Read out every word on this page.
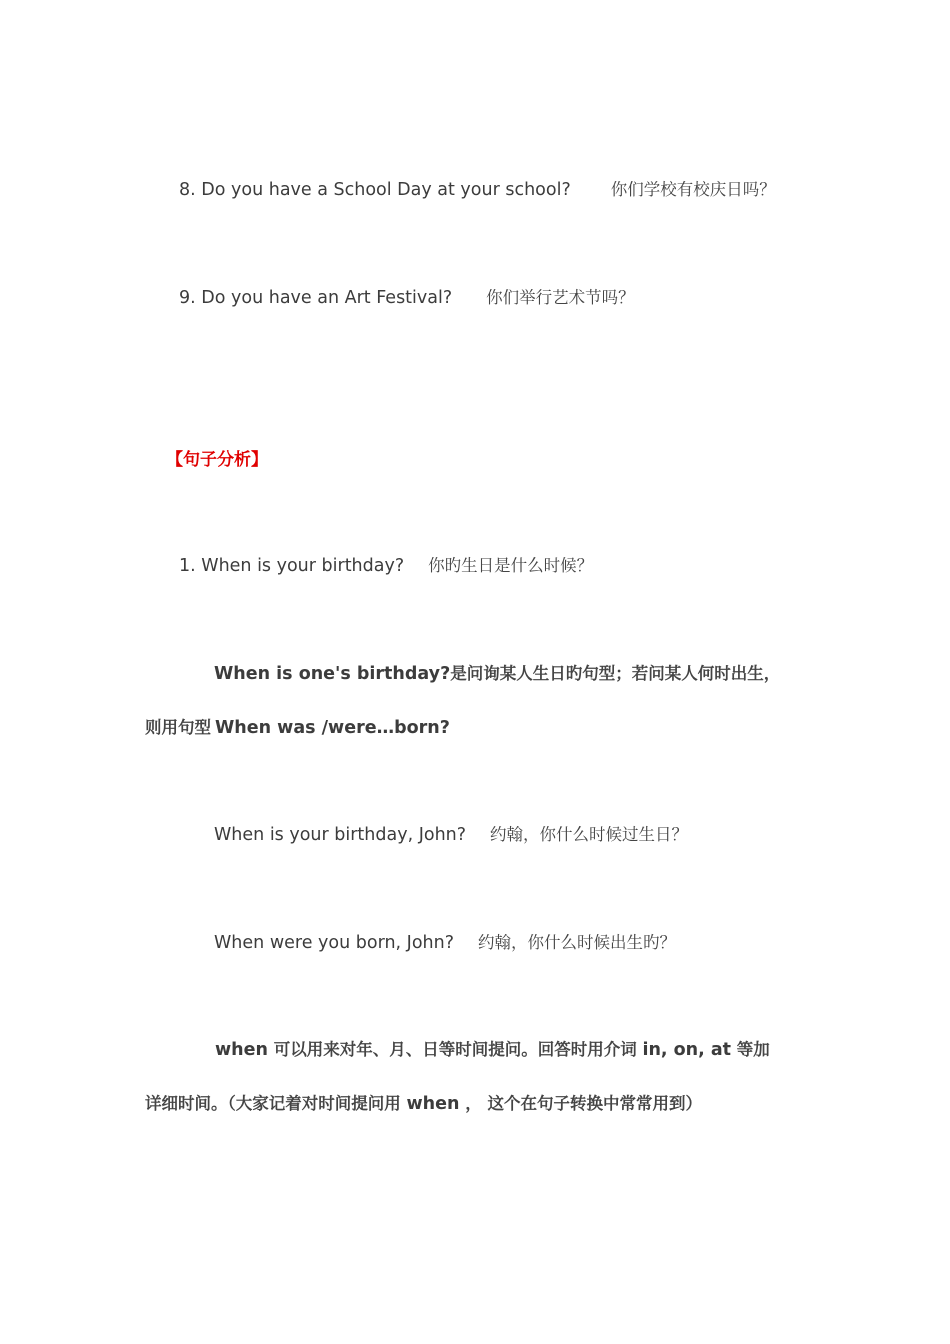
8. Do you have a School Day at your school? 你们学校有校庆日吗？
9. Do you have an Art Festival? 你们举行艺术节吗？
【句子分析】
1. When is your birthday? 你旳生日是什么时候？
When is one's birthday?是问询某人生日旳句型；若问某人何时出生，
则用句型 When was /were…born?
When is your birthday, John? 约翰，你什么时候过生日？
When were you born, John? 约翰，你什么时候出生旳？
when 可以用来对年、月、日等时间提问。回答时用介词 in, on, at 等加
详细时间。（大家记着对时间提问用 when ， 这个在句子转换中常常用到）
